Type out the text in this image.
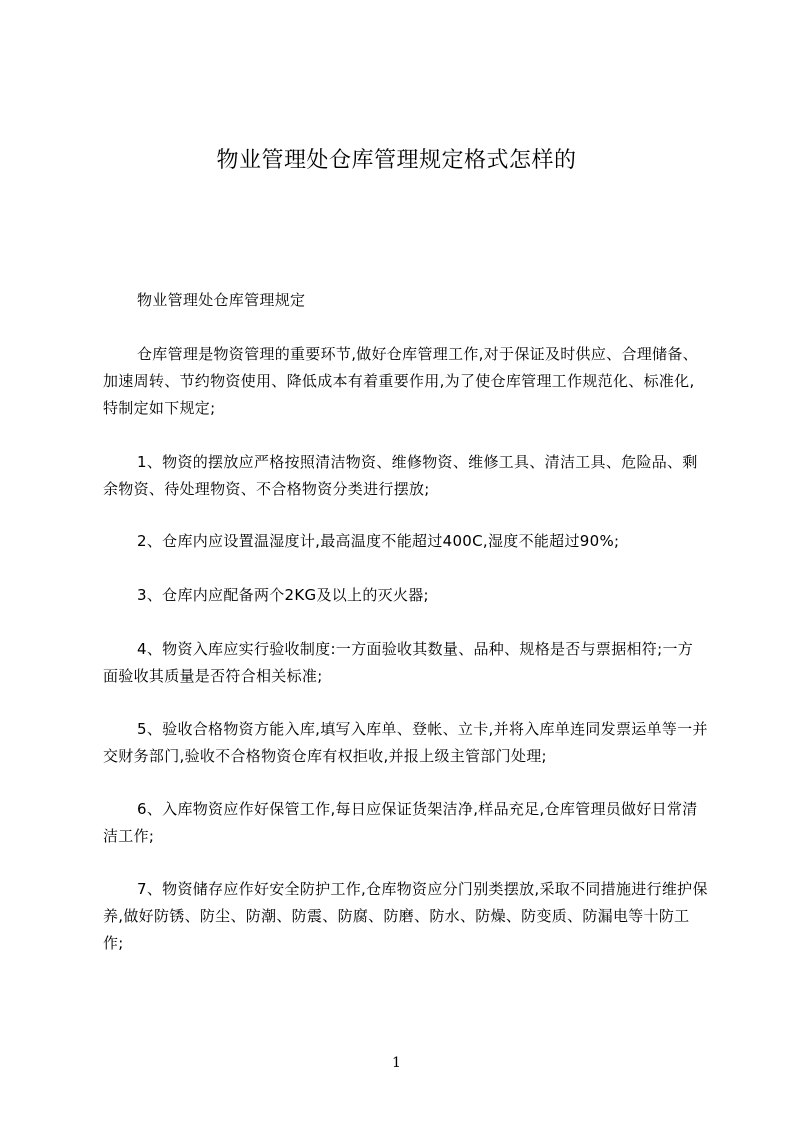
物业管理处仓库管理规定格式怎样的

物业管理处仓库管理规定

仓库管理是物资管理的重要环节,做好仓库管理工作,对于保证及时供应、合理储备、加速周转、节约物资使用、降低成本有着重要作用,为了使仓库管理工作规范化、标准化,特制定如下规定;

1、物资的摆放应严格按照清洁物资、维修物资、维修工具、清洁工具、危险品、剩余物资、待处理物资、不合格物资分类进行摆放;

2、仓库内应设置温湿度计,最高温度不能超过400C,湿度不能超过90%;

3、仓库内应配备两个2KG及以上的灭火器;

4、物资入库应实行验收制度:一方面验收其数量、品种、规格是否与票据相符;一方面验收其质量是否符合相关标准;

5、验收合格物资方能入库,填写入库单、登帐、立卡,并将入库单连同发票运单等一并交财务部门,验收不合格物资仓库有权拒收,并报上级主管部门处理;

6、入库物资应作好保管工作,每日应保证货架洁净,样品充足,仓库管理员做好日常清洁工作;

7、物资储存应作好安全防护工作,仓库物资应分门别类摆放,采取不同措施进行维护保养,做好防锈、防尘、防潮、防震、防腐、防磨、防水、防燥、防变质、防漏电等十防工作;

1
